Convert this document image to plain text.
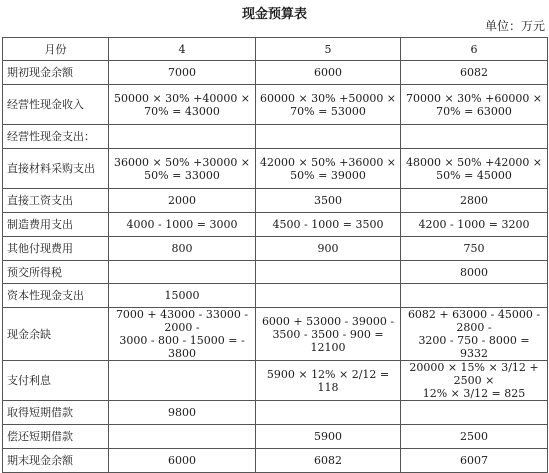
现金预算表
单位：万元
月份	4	5	6
期初现金余额	7000	6000	6082

经营性现金收入	50000 × 30% +40000 ×
70% = 43000	60000 × 30% +50000 ×
70% = 53000	70000 × 30% +60000 ×
70% = 63000

经营性现金支出：			
直接材料采购支出	36000 × 50% +30000 ×
50% = 33000	42000 × 50% +36000 ×
50% = 39000	48000 × 50% +42000 ×
50% = 45000

直接工资支出	2000	3500	2800

制造费用支出	4000 - 1000 = 3000	4500 - 1000 = 3500	4200 - 1000 = 3200

其他付现费用	800	900	750

预交所得税			8000

资本性现金支出	15000		

现金余缺	7000 + 43000 - 33000 - 2000 -
3000 - 800 - 15000 = - 3800	6000 + 53000 - 39000 -
3500 - 3500 - 900 = 12100	6082 + 63000 - 45000 - 2800 -
3200 - 750 - 8000 = 9332

支付利息		5900 × 12% × 2/12 = 118	20000 × 15% × 3/12 + 2500 ×
12% × 3/12 = 825

取得短期借款	9800		

偿还短期借款		5900	2500

期末现金余额	6000	6082	6007
